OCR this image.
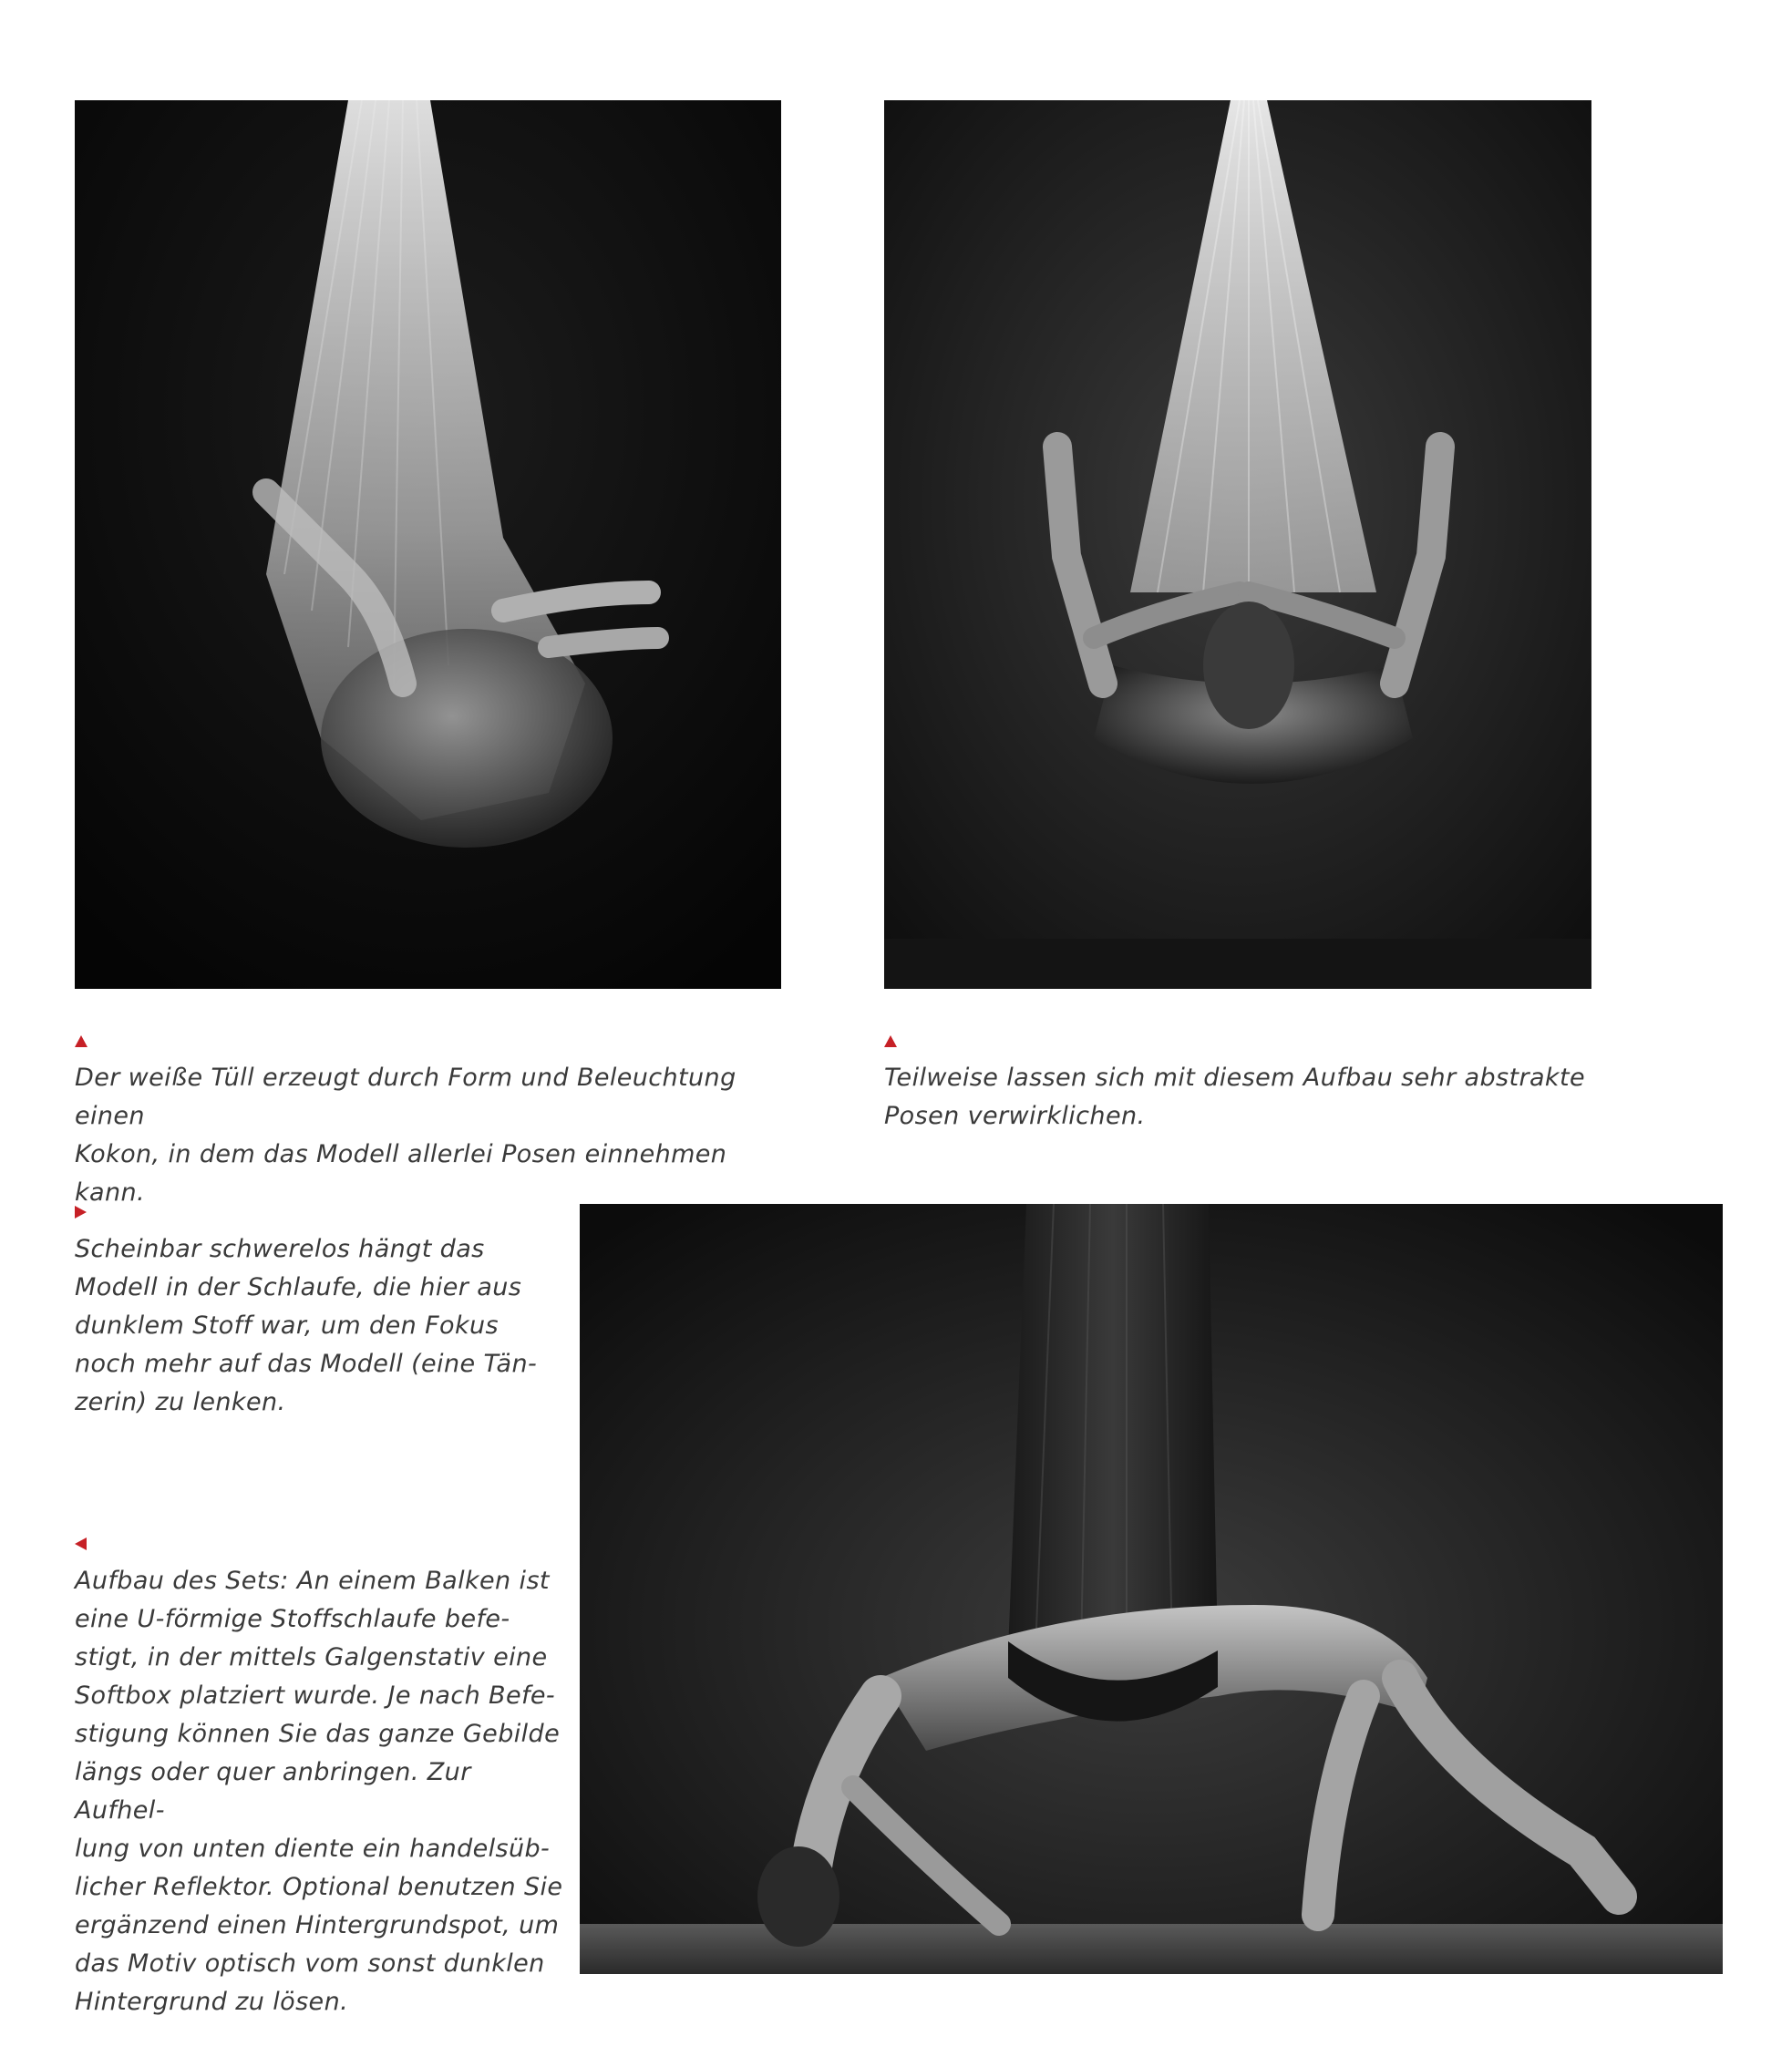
Der weiße Tüll erzeugt durch Form und Beleuchtung einen
Kokon, in dem das Modell allerlei Posen einnehmen kann.

Teilweise lassen sich mit diesem Aufbau sehr abstrakte
Posen verwirklichen.

Scheinbar schwerelos hängt das
Modell in der Schlaufe, die hier aus
dunklem Stoff war, um den Fokus
noch mehr auf das Modell (eine Tän-
zerin) zu lenken.

Aufbau des Sets: An einem Balken ist
eine U-förmige Stoffschlaufe befe-
stigt, in der mittels Galgenstativ eine
Softbox platziert wurde. Je nach Befe-
stigung können Sie das ganze Gebilde
längs oder quer anbringen. Zur Aufhel-
lung von unten diente ein handelsüb-
licher Reflektor. Optional benutzen Sie
ergänzend einen Hintergrundspot, um
das Motiv optisch vom sonst dunklen
Hintergrund zu lösen.
